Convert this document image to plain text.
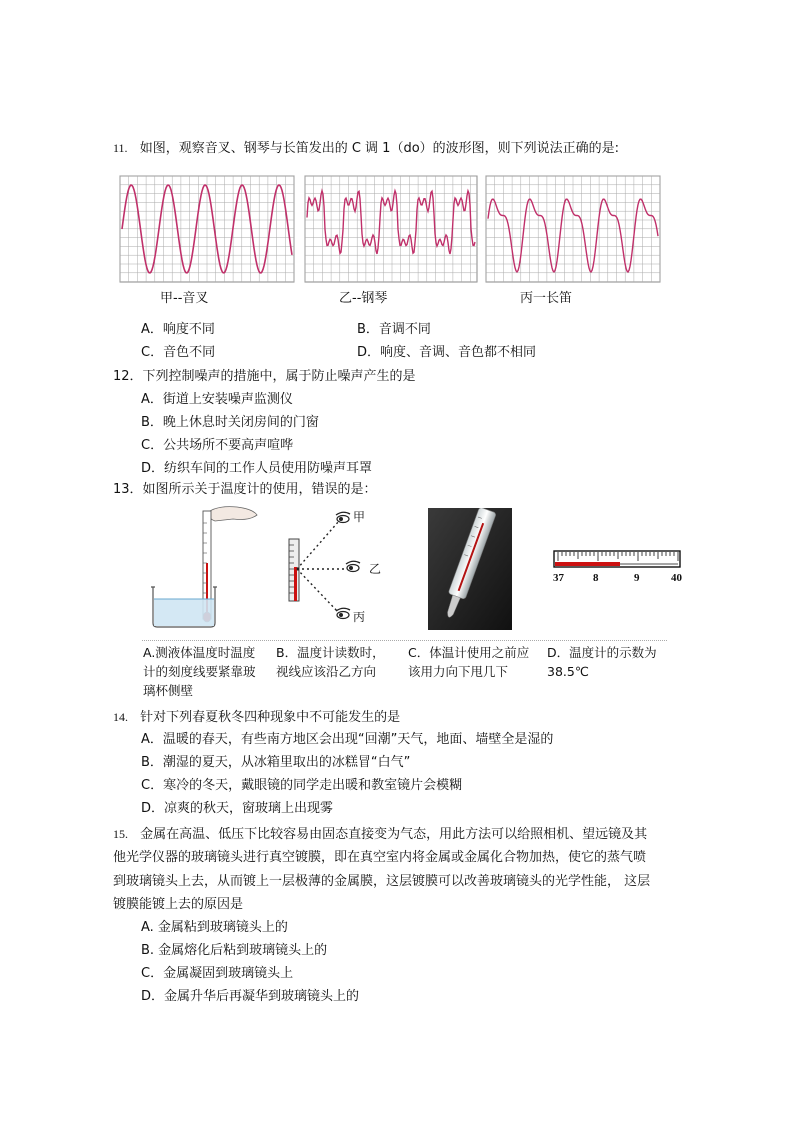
11. 如图，观察音叉、钢琴与长笛发出的 C 调 1（do）的波形图，则下列说法正确的是:
甲--音叉	乙--钢琴	丙一长笛
A．响度不同	B．音调不同
C．音色不同	D．响度、音调、音色都不相同
12．下列控制噪声的措施中，属于防止噪声产生的是
A．街道上安装噪声监测仪
B．晚上休息时关闭房间的门窗
C．公共场所不要高声喧哗
D．纺织车间的工作人员使用防噪声耳罩
13．如图所示关于温度计的使用，错误的是：
甲
乙
丙
37	8	9	40
A.测液体温度时温度
计的刻度线要紧靠玻
璃杯侧壁
B．温度计读数时，
视线应该沿乙方向
C．体温计使用之前应
该用力向下甩几下
D．温度计的示数为
38.5℃
14. 针对下列春夏秋冬四种现象中不可能发生的是
A．温暖的春天，有些南方地区会出现“回潮”天气，地面、墙壁全是湿的
B．潮湿的夏天，从冰箱里取出的冰糕冒“白气”
C．寒冷的冬天，戴眼镜的同学走出暖和教室镜片会模糊
D．凉爽的秋天，窗玻璃上出现雾
15. 金属在高温、低压下比较容易由固态直接变为气态，用此方法可以给照相机、望远镜及其
他光学仪器的玻璃镜头进行真空镀膜，即在真空室内将金属或金属化合物加热，使它的蒸气喷
到玻璃镜头上去，从而镀上一层极薄的金属膜，这层镀膜可以改善玻璃镜头的光学性能， 这层
镀膜能镀上去的原因是
A. 金属粘到玻璃镜头上的
B. 金属熔化后粘到玻璃镜头上的
C．金属凝固到玻璃镜头上
D．金属升华后再凝华到玻璃镜头上的
